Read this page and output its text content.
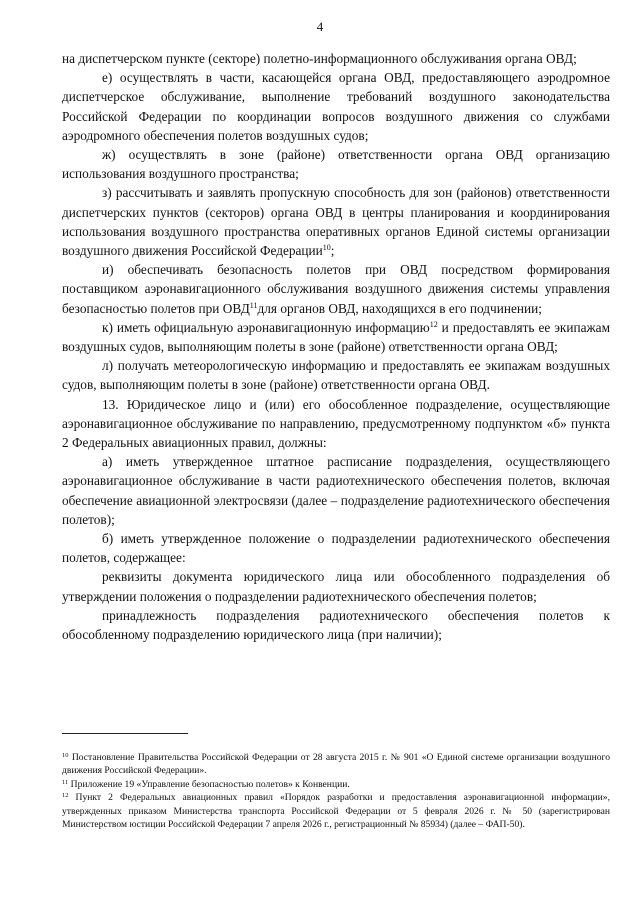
4

на диспетчерском пункте (секторе) полетно-информационного обслуживания органа ОВД;

е) осуществлять в части, касающейся органа ОВД, предоставляющего аэродромное диспетчерское обслуживание, выполнение требований воздушного законодательства Российской Федерации по координации вопросов воздушного движения со службами аэродромного обеспечения полетов воздушных судов;

ж) осуществлять в зоне (районе) ответственности органа ОВД организацию использования воздушного пространства;

з) рассчитывать и заявлять пропускную способность для зон (районов) ответственности диспетчерских пунктов (секторов) органа ОВД в центры планирования и координирования использования воздушного пространства оперативных органов Единой системы организации воздушного движения Российской Федерации$^{10}$;

и) обеспечивать безопасность полетов при ОВД посредством формирования поставщиком аэронавигационного обслуживания воздушного движения системы управления безопасностью полетов при ОВД$^{11}$для органов ОВД, находящихся в его подчинении;

к) иметь официальную аэронавигационную информацию$^{12}$ и предоставлять ее экипажам воздушных судов, выполняющим полеты в зоне (районе) ответственности органа ОВД;

л) получать метеорологическую информацию и предоставлять ее экипажам воздушных судов, выполняющим полеты в зоне (районе) ответственности органа ОВД.

13. Юридическое лицо и (или) его обособленное подразделение, осуществляющие аэронавигационное обслуживание по направлению, предусмотренному подпунктом «б» пункта 2 Федеральных авиационных правил, должны:

а) иметь утвержденное штатное расписание подразделения, осуществляющего аэронавигационное обслуживание в части радиотехнического обеспечения полетов, включая обеспечение авиационной электросвязи (далее – подразделение радиотехнического обеспечения полетов);

б) иметь утвержденное положение о подразделении радиотехнического обеспечения полетов, содержащее:

реквизиты документа юридического лица или обособленного подразделения об утверждении положения о подразделении радиотехнического обеспечения полетов;

принадлежность подразделения радиотехнического обеспечения полетов к обособленному подразделению юридического лица (при наличии);

$^{10}$ Постановление Правительства Российской Федерации от 28 августа 2015 г. № 901 «О Единой системе организации воздушного движения Российской Федерации».

$^{11}$ Приложение 19 «Управление безопасностью полетов» к Конвенции.

$^{12}$ Пункт 2 Федеральных авиационных правил «Порядок разработки и предоставления аэронавигационной информации», утвержденных приказом Министерства транспорта Российской Федерации от 5 февраля 2026 г. № 50 (зарегистрирован Министерством юстиции Российской Федерации 7 апреля 2026 г., регистрационный № 85934) (далее – ФАП-50).
